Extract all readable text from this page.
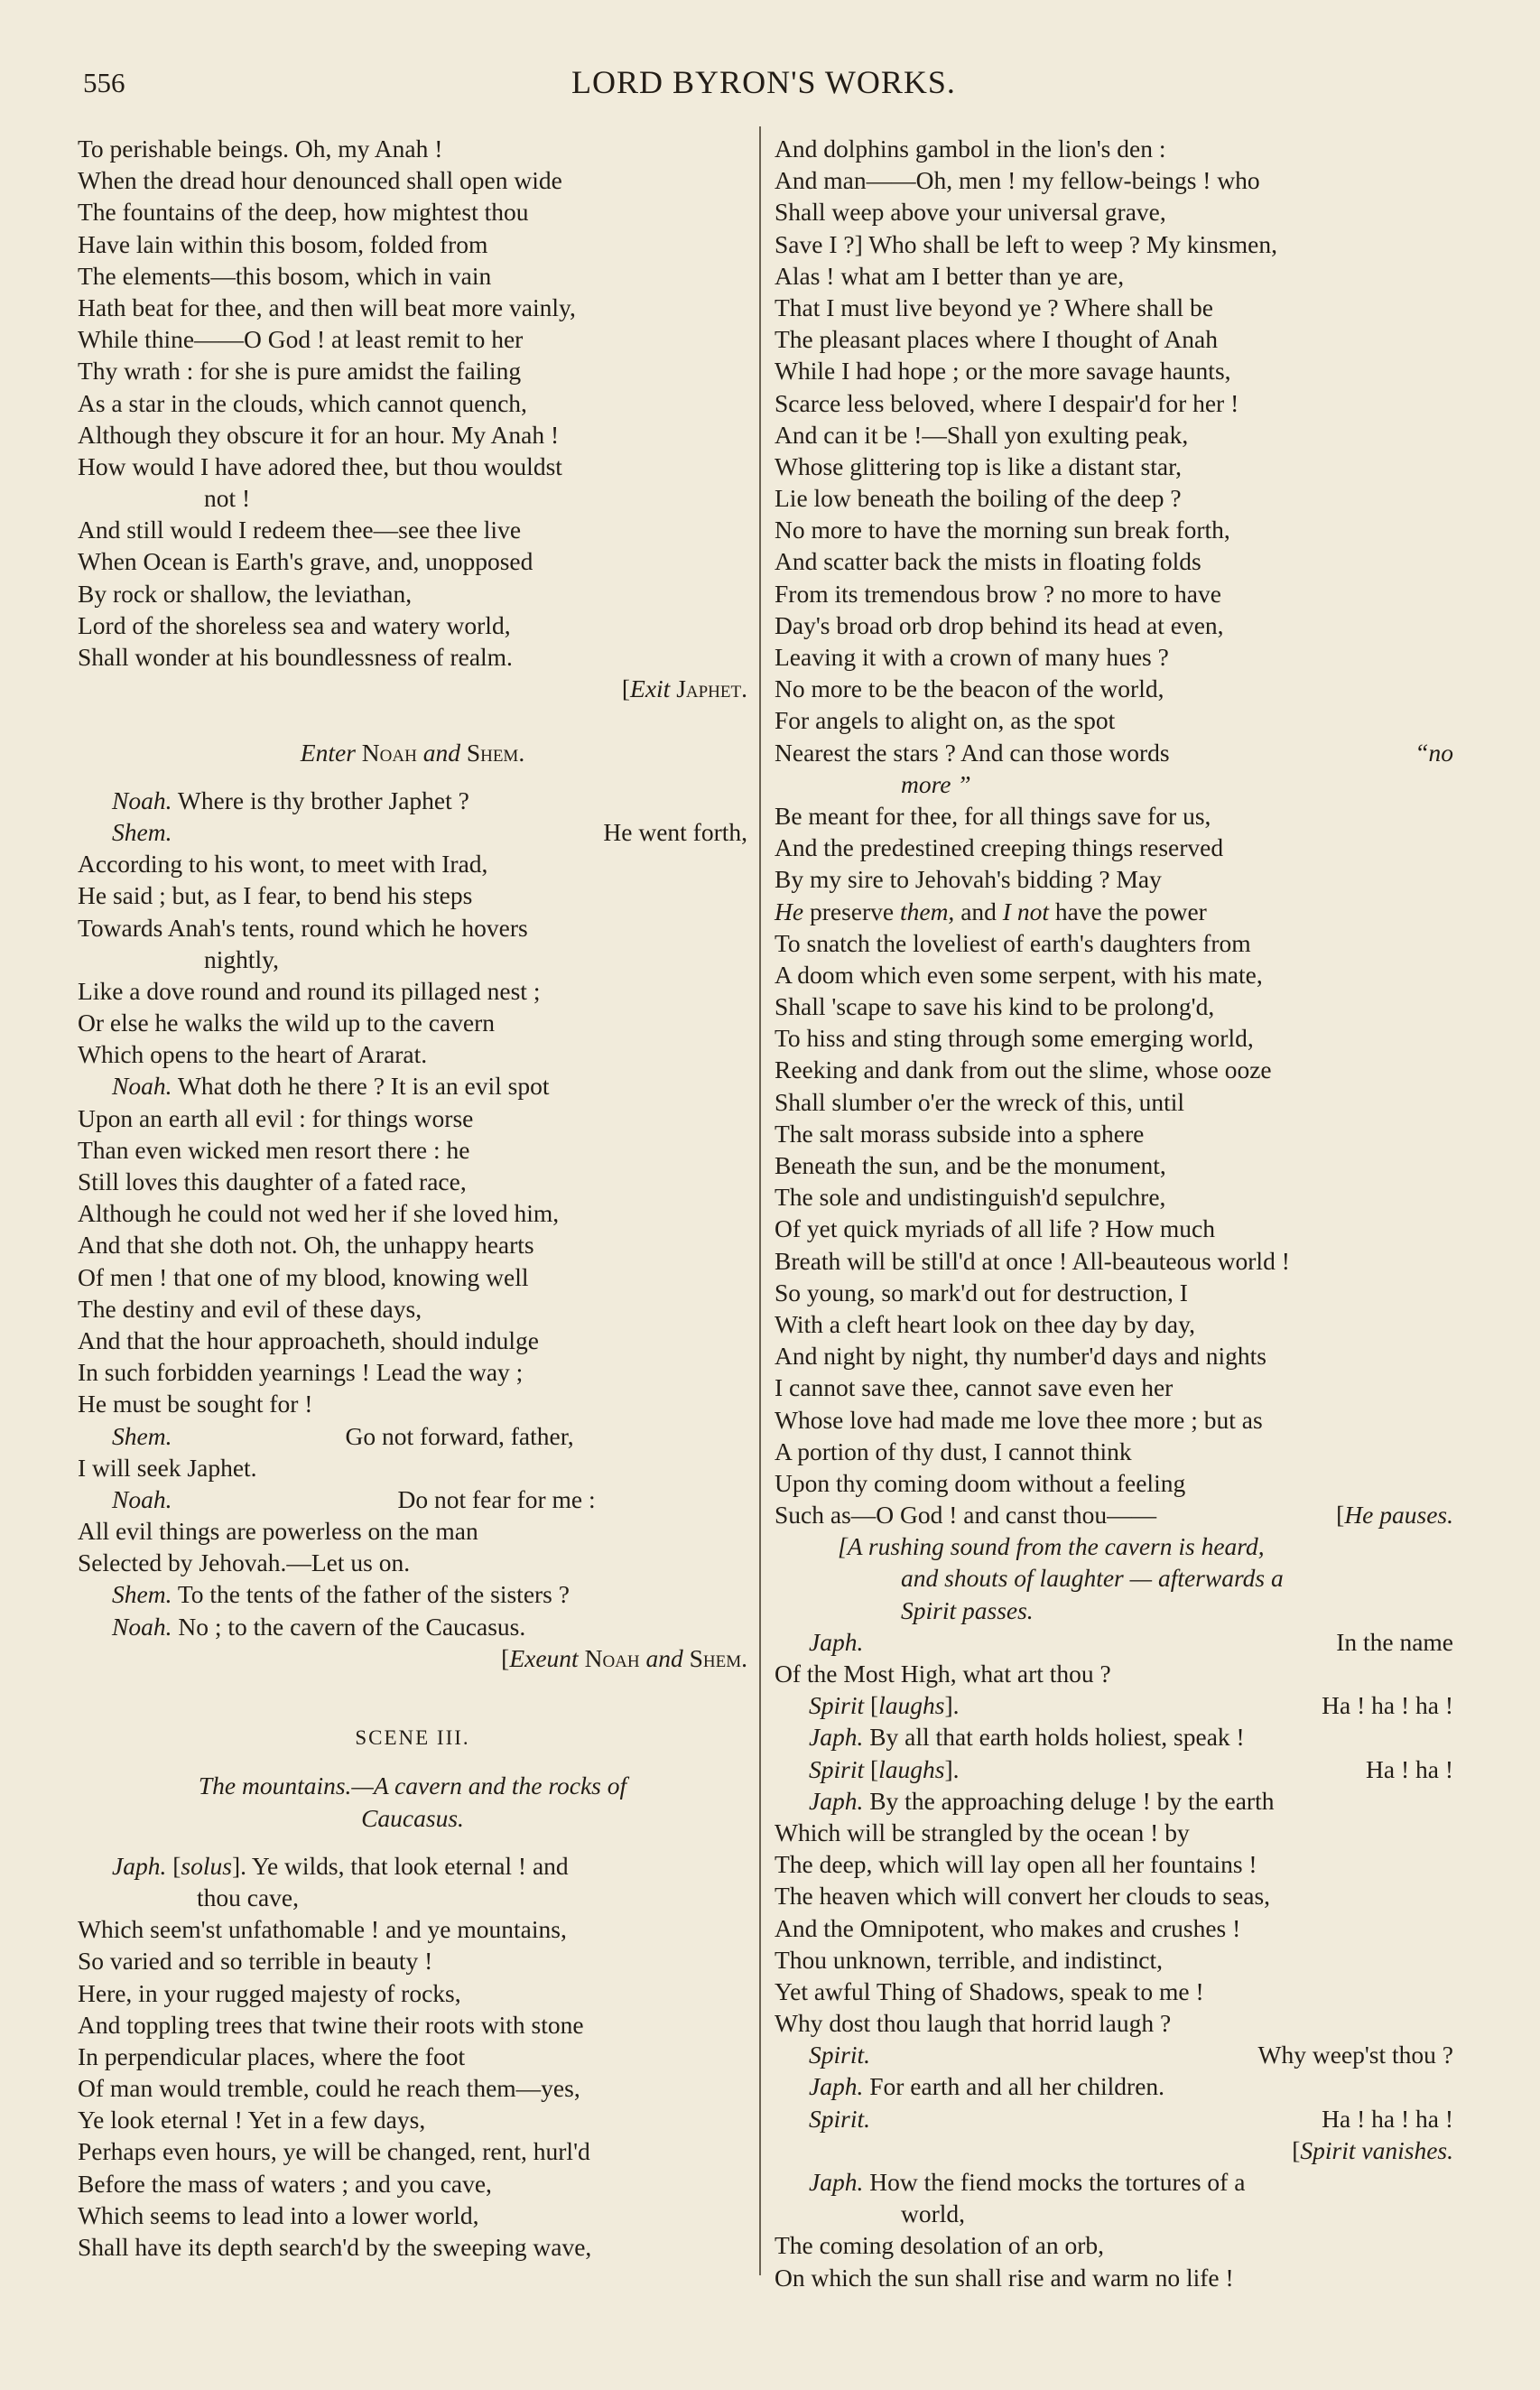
556	LORD BYRON'S WORKS.
To perishable beings. Oh, my Anah !
When the dread hour denounced shall open wide
The fountains of the deep, how mightest thou
Have lain within this bosom, folded from
The elements—this bosom, which in vain
Hath beat for thee, and then will beat more vainly,
While thine——O God ! at least remit to her
Thy wrath : for she is pure amidst the failing
As a star in the clouds, which cannot quench,
Although they obscure it for an hour. My Anah !
How would I have adored thee, but thou wouldst
not !
And still would I redeem thee—see thee live
When Ocean is Earth's grave, and, unopposed
By rock or shallow, the leviathan,
Lord of the shoreless sea and watery world,
Shall wonder at his boundlessness of realm.
[Exit Japhet.
Enter Noah and Shem.
Noah. Where is thy brother Japhet ?
Shem.	He went forth,
According to his wont, to meet with Irad,
He said ; but, as I fear, to bend his steps
Towards Anah's tents, round which he hovers
nightly,
Like a dove round and round its pillaged nest ;
Or else he walks the wild up to the cavern
Which opens to the heart of Ararat.
Noah. What doth he there ? It is an evil spot
Upon an earth all evil : for things worse
Than even wicked men resort there : he
Still loves this daughter of a fated race,
Although he could not wed her if she loved him,
And that she doth not. Oh, the unhappy hearts
Of men ! that one of my blood, knowing well
The destiny and evil of these days,
And that the hour approacheth, should indulge
In such forbidden yearnings ! Lead the way ;
He must be sought for !
Shem.	Go not forward, father,
I will seek Japhet.
Noah.	Do not fear for me :
All evil things are powerless on the man
Selected by Jehovah.—Let us on.
Shem. To the tents of the father of the sisters ?
Noah. No ; to the cavern of the Caucasus.
[Exeunt Noah and Shem.
SCENE III.
The mountains.—A cavern and the rocks of
Caucasus.
Japh. [solus]. Ye wilds, that look eternal ! and
thou cave,
Which seem'st unfathomable ! and ye mountains,
So varied and so terrible in beauty !
Here, in your rugged majesty of rocks,
And toppling trees that twine their roots with stone
In perpendicular places, where the foot
Of man would tremble, could he reach them—yes,
Ye look eternal ! Yet in a few days,
Perhaps even hours, ye will be changed, rent, hurl'd
Before the mass of waters ; and you cave,
Which seems to lead into a lower world,
Shall have its depth search'd by the sweeping wave,
And dolphins gambol in the lion's den :
And man——Oh, men ! my fellow-beings ! who
Shall weep above your universal grave,
Save I ?] Who shall be left to weep ? My kinsmen,
Alas ! what am I better than ye are,
That I must live beyond ye ? Where shall be
The pleasant places where I thought of Anah
While I had hope ; or the more savage haunts,
Scarce less beloved, where I despair'd for her !
And can it be !—Shall yon exulting peak,
Whose glittering top is like a distant star,
Lie low beneath the boiling of the deep ?
No more to have the morning sun break forth,
And scatter back the mists in floating folds
From its tremendous brow ? no more to have
Day's broad orb drop behind its head at even,
Leaving it with a crown of many hues ?
No more to be the beacon of the world,
For angels to alight on, as the spot
Nearest the stars ? And can those words	“no
more ”
Be meant for thee, for all things save for us,
And the predestined creeping things reserved
By my sire to Jehovah's bidding ? May
He preserve them, and I not have the power
To snatch the loveliest of earth's daughters from
A doom which even some serpent, with his mate,
Shall 'scape to save his kind to be prolong'd,
To hiss and sting through some emerging world,
Reeking and dank from out the slime, whose ooze
Shall slumber o'er the wreck of this, until
The salt morass subside into a sphere
Beneath the sun, and be the monument,
The sole and undistinguish'd sepulchre,
Of yet quick myriads of all life ? How much
Breath will be still'd at once ! All-beauteous world !
So young, so mark'd out for destruction, I
With a cleft heart look on thee day by day,
And night by night, thy number'd days and nights
I cannot save thee, cannot save even her
Whose love had made me love thee more ; but as
A portion of thy dust, I cannot think
Upon thy coming doom without a feeling
Such as—O God ! and canst thou——	[He pauses.
[A rushing sound from the cavern is heard,
and shouts of laughter — afterwards a
Spirit passes.
Japh.	In the name
Of the Most High, what art thou ?
Spirit [laughs].	Ha ! ha ! ha !
Japh. By all that earth holds holiest, speak !
Spirit [laughs].	Ha ! ha !
Japh. By the approaching deluge ! by the earth
Which will be strangled by the ocean ! by
The deep, which will lay open all her fountains !
The heaven which will convert her clouds to seas,
And the Omnipotent, who makes and crushes !
Thou unknown, terrible, and indistinct,
Yet awful Thing of Shadows, speak to me !
Why dost thou laugh that horrid laugh ?
Spirit.	Why weep'st thou ?
Japh. For earth and all her children.
Spirit.	Ha ! ha ! ha !
[Spirit vanishes.
Japh. How the fiend mocks the tortures of a
world,
The coming desolation of an orb,
On which the sun shall rise and warm no life !
